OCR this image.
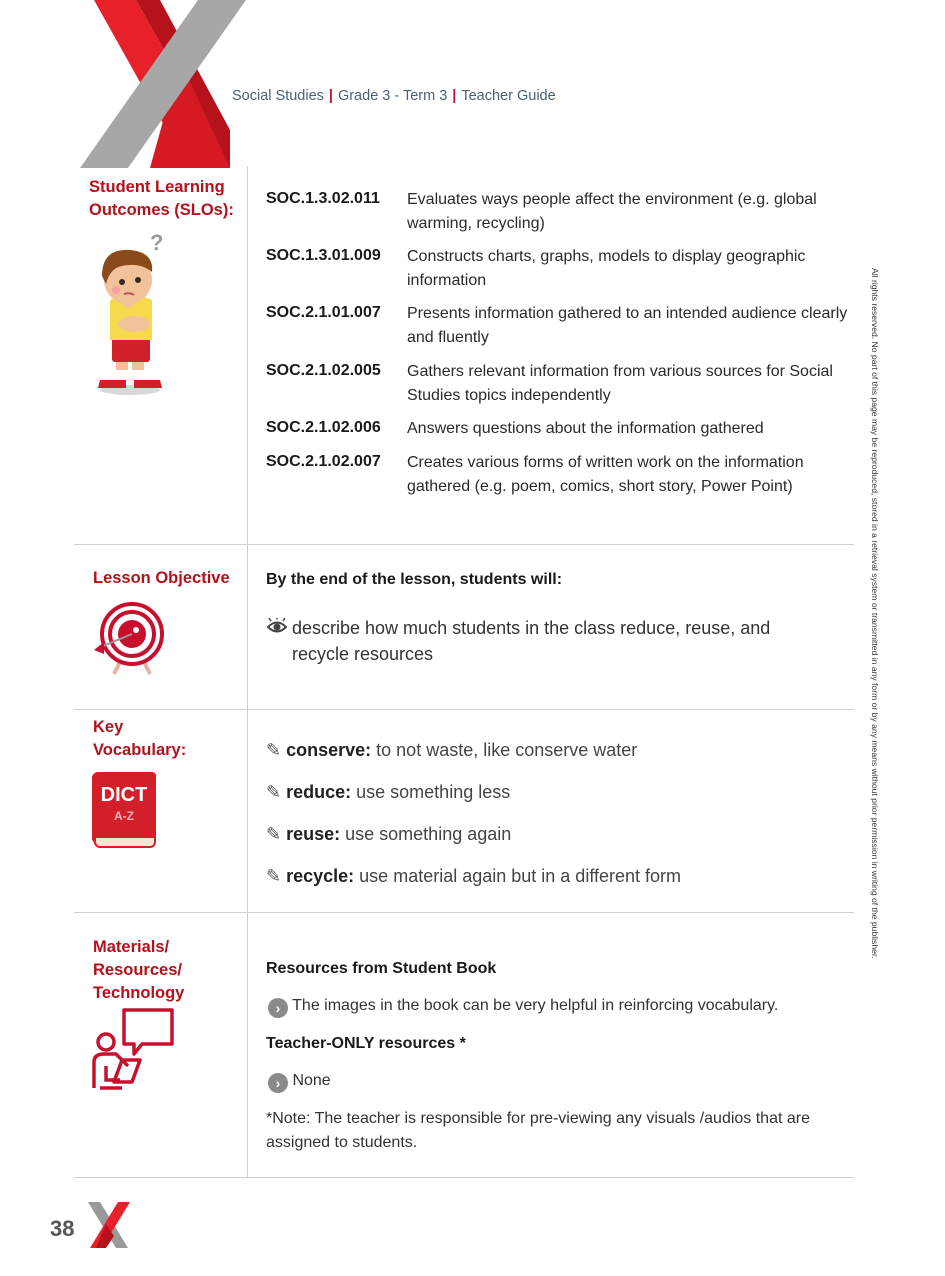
Social Studies | Grade 3 - Term 3 | Teacher Guide
All rights reserved. No part of this page may be reproduced, stored in a retrieval system or transmitted in any form or by any means without prior permission in writing of the publisher.
Student Learning
Outcomes (SLOs):
?
SOC.1.3.02.011 Evaluates ways people affect the environment (e.g. global warming, recycling)
SOC.1.3.01.009 Constructs charts, graphs, models to display geographic information
SOC.2.1.01.007 Presents information gathered to an intended audience clearly and fluently
SOC.2.1.02.005 Gathers relevant information from various sources for Social Studies topics independently
SOC.2.1.02.006 Answers questions about the information gathered
SOC.2.1.02.007 Creates various forms of written work on the information gathered (e.g. poem, comics, short story, Power Point)
Lesson Objective By the end of the lesson, students will:
describe how much students in the class reduce, reuse, and recycle resources
Key
Vocabulary:
DICT
A-Z
✎ conserve: to not waste, like conserve water
✎ reduce: use something less
✎ reuse: use something again
✎ recycle: use material again but in a different form
Materials/
Resources/
Technology
Resources from Student Book
› The images in the book can be very helpful in reinforcing vocabulary.
Teacher-ONLY resources *
› None
*Note: The teacher is responsible for pre-viewing any visuals /audios that are assigned to students.
38
